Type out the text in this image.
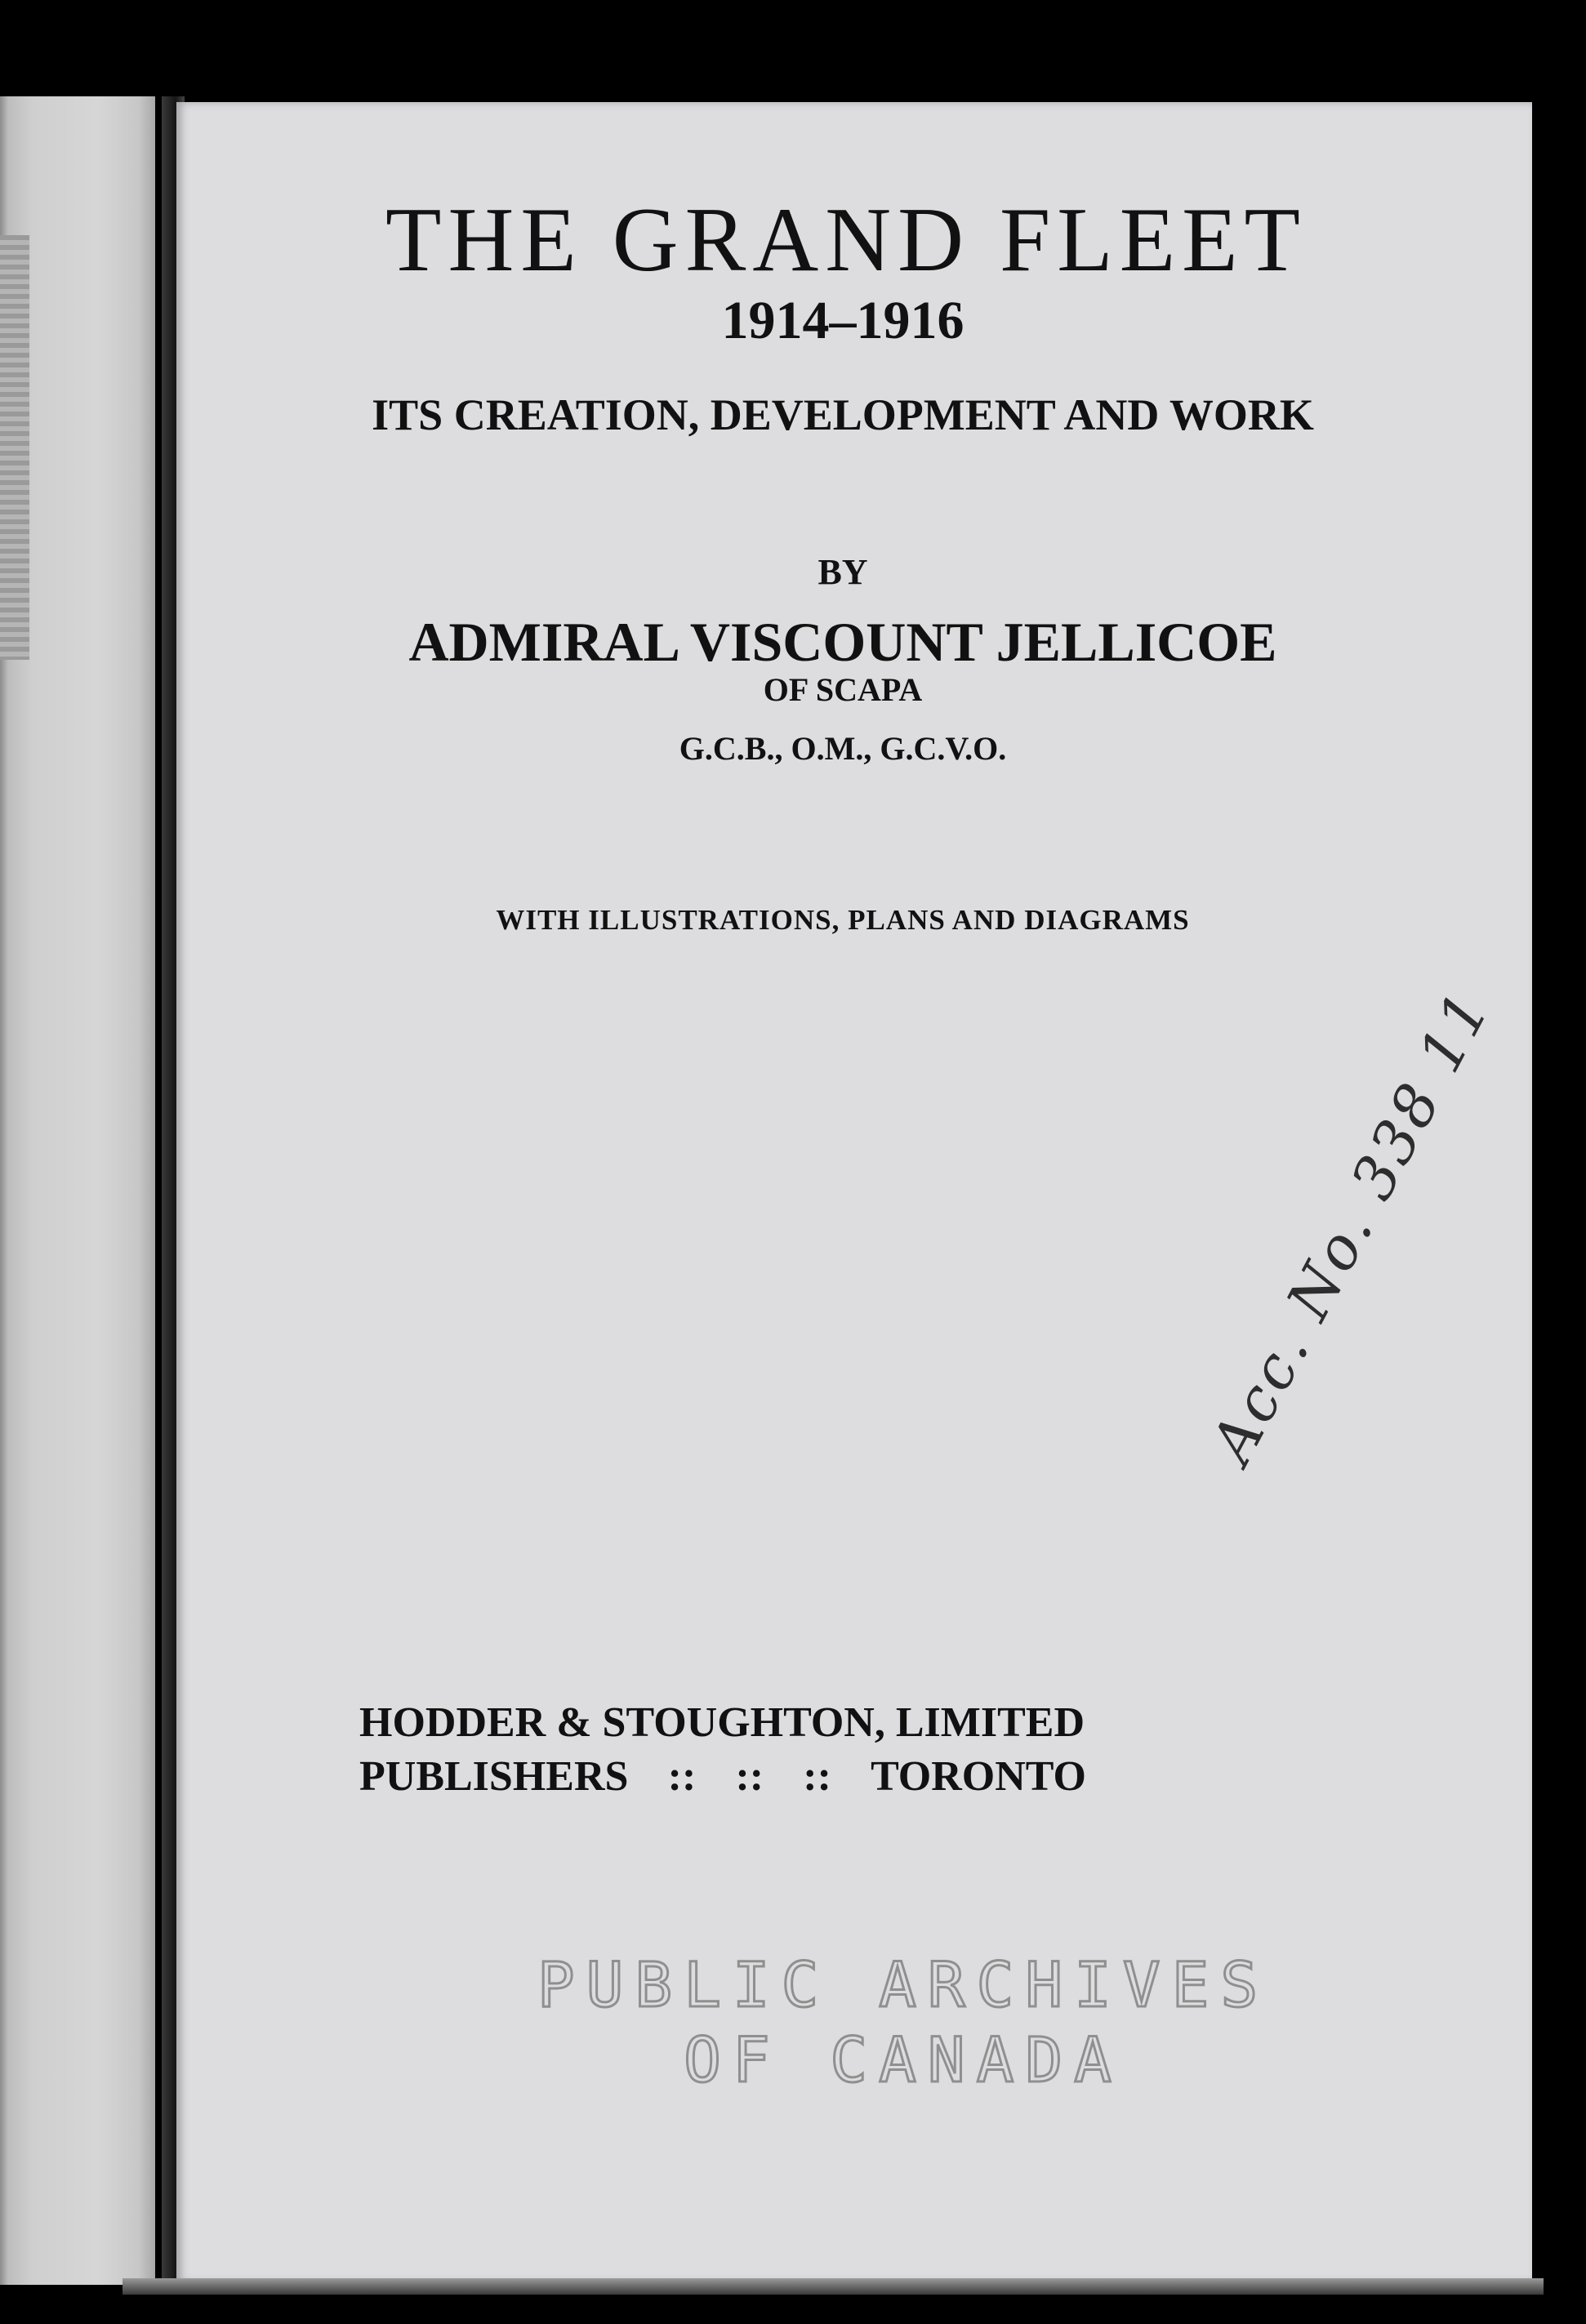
THE GRAND FLEET
1914–1916
ITS CREATION, DEVELOPMENT AND WORK
BY
ADMIRAL VISCOUNT JELLICOE
OF SCAPA
G.C.B., O.M., G.C.V.O.
WITH ILLUSTRATIONS, PLANS AND DIAGRAMS
Acc. No. 338 11
HODDER & STOUGHTON, LIMITED
PUBLISHERS :: :: :: TORONTO
PUBLIC ARCHIVES
OF CANADA
